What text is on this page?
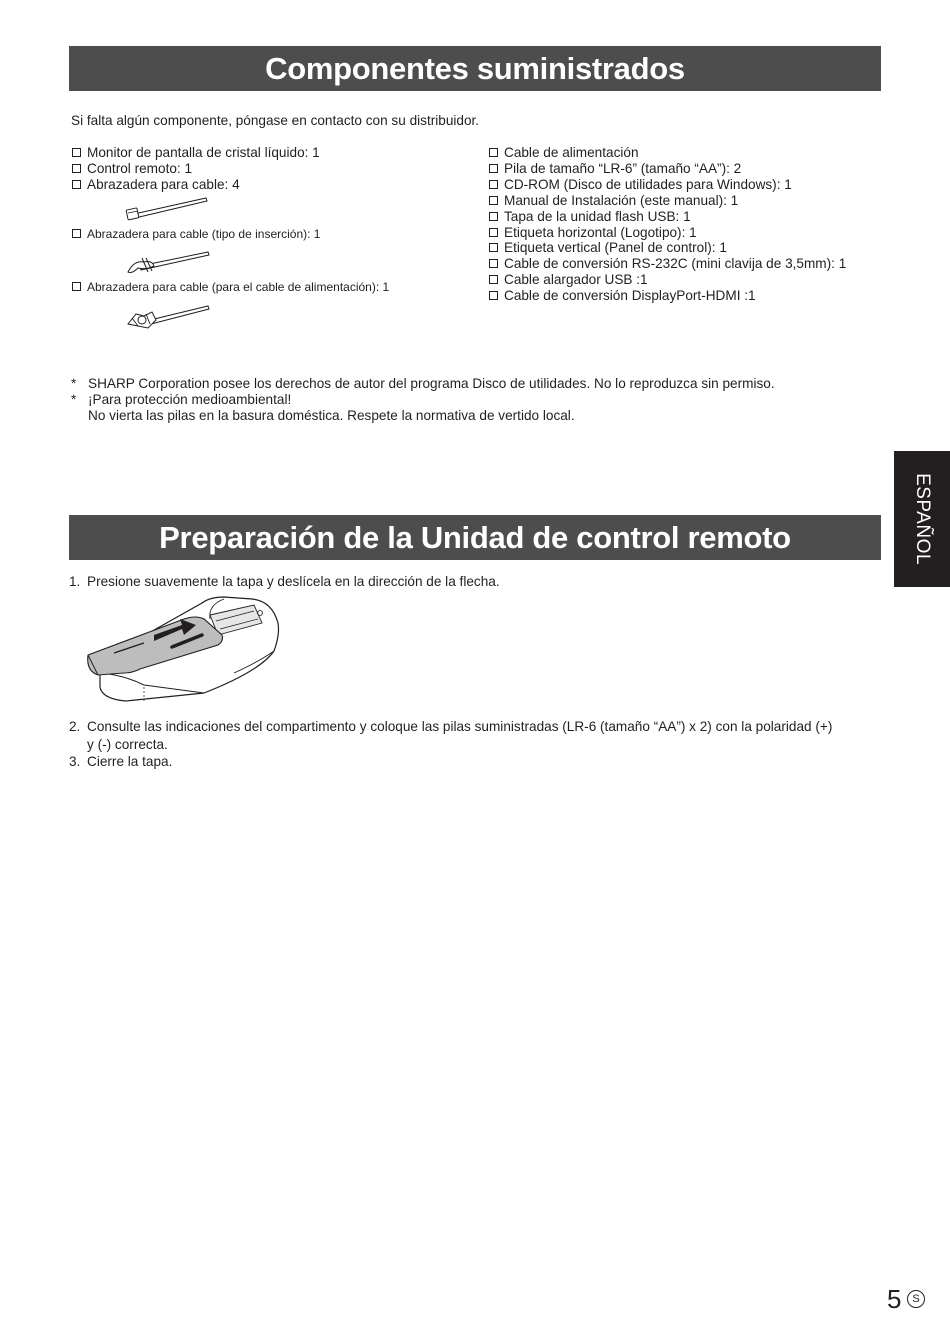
Componentes suministrados
Si falta algún componente, póngase en contacto con su distribuidor.
Monitor de pantalla de cristal líquido: 1
Control remoto: 1
Abrazadera para cable: 4
Abrazadera para cable (tipo de inserción): 1
Abrazadera para cable (para el cable de alimentación): 1
Cable de alimentación
Pila de tamaño “LR-6” (tamaño “AA”): 2
CD-ROM (Disco de utilidades para Windows): 1
Manual de Instalación (este manual): 1
Tapa de la unidad flash USB: 1
Etiqueta horizontal (Logotipo): 1
Etiqueta vertical (Panel de control): 1
Cable de conversión RS-232C (mini clavija de 3,5mm): 1
Cable alargador USB :1
Cable de conversión DisplayPort-HDMI :1
* SHARP Corporation posee los derechos de autor del programa Disco de utilidades. No lo reproduzca sin permiso.
* ¡Para protección medioambiental!
No vierta las pilas en la basura doméstica. Respete la normativa de vertido local.
ESPAÑOL
Preparación de la Unidad de control remoto
1. Presione suavemente la tapa y deslícela en la dirección de la flecha.
2. Consulte las indicaciones del compartimento y coloque las pilas suministradas (LR-6 (tamaño “AA”) x 2) con la polaridad (+)
y (-) correcta.
3. Cierre la tapa.
5 S
